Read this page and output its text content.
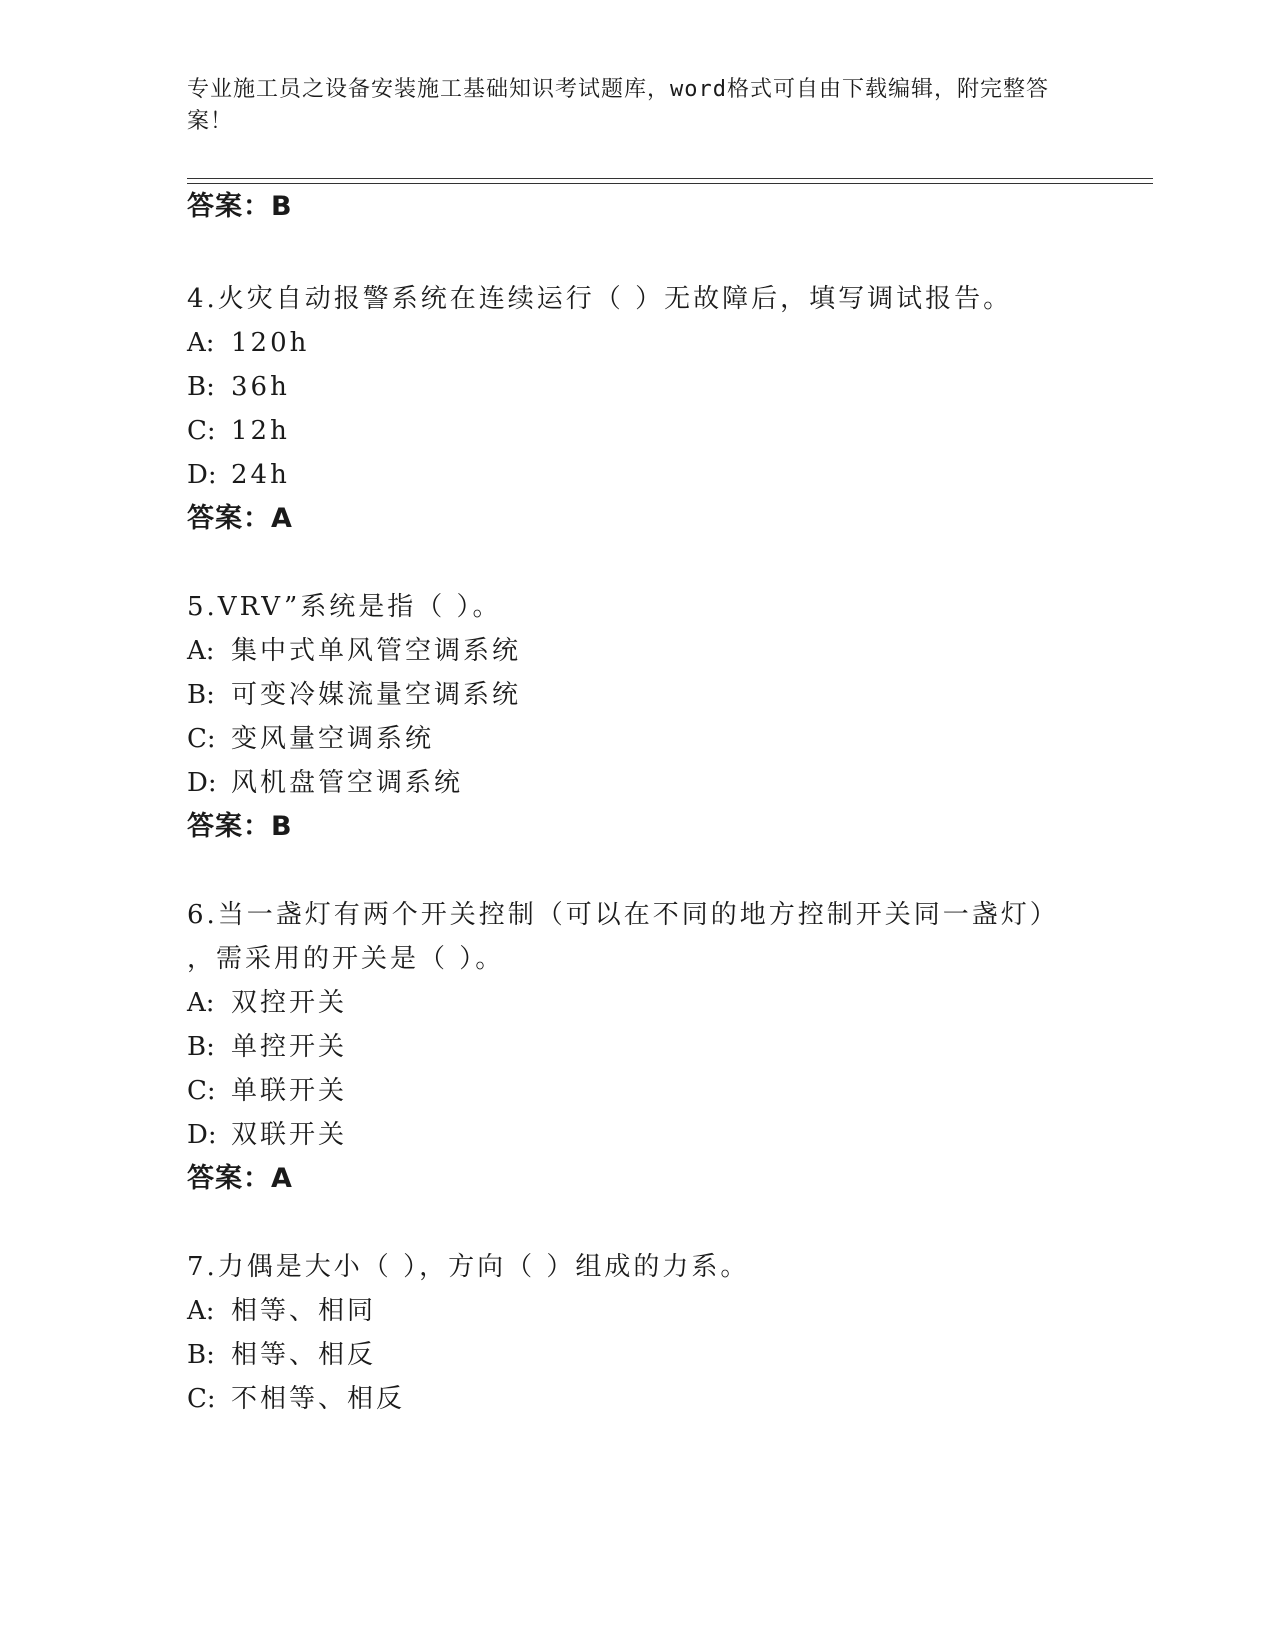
专业施工员之设备安装施工基础知识考试题库，word格式可自由下载编辑，附完整答案！
答案：B
4.火灾自动报警系统在连续运行（ ）无故障后，填写调试报告。
A: 120h
B: 36h
C: 12h
D: 24h
答案：A
5.VRV”系统是指（ ）。
A: 集中式单风管空调系统
B: 可变冷媒流量空调系统
C: 变风量空调系统
D: 风机盘管空调系统
答案：B
6.当一盏灯有两个开关控制（可以在不同的地方控制开关同一盏灯）
，需采用的开关是（ ）。
A: 双控开关
B: 单控开关
C: 单联开关
D: 双联开关
答案：A
7.力偶是大小（ ），方向（ ）组成的力系。
A: 相等、相同
B: 相等、相反
C: 不相等、相反
